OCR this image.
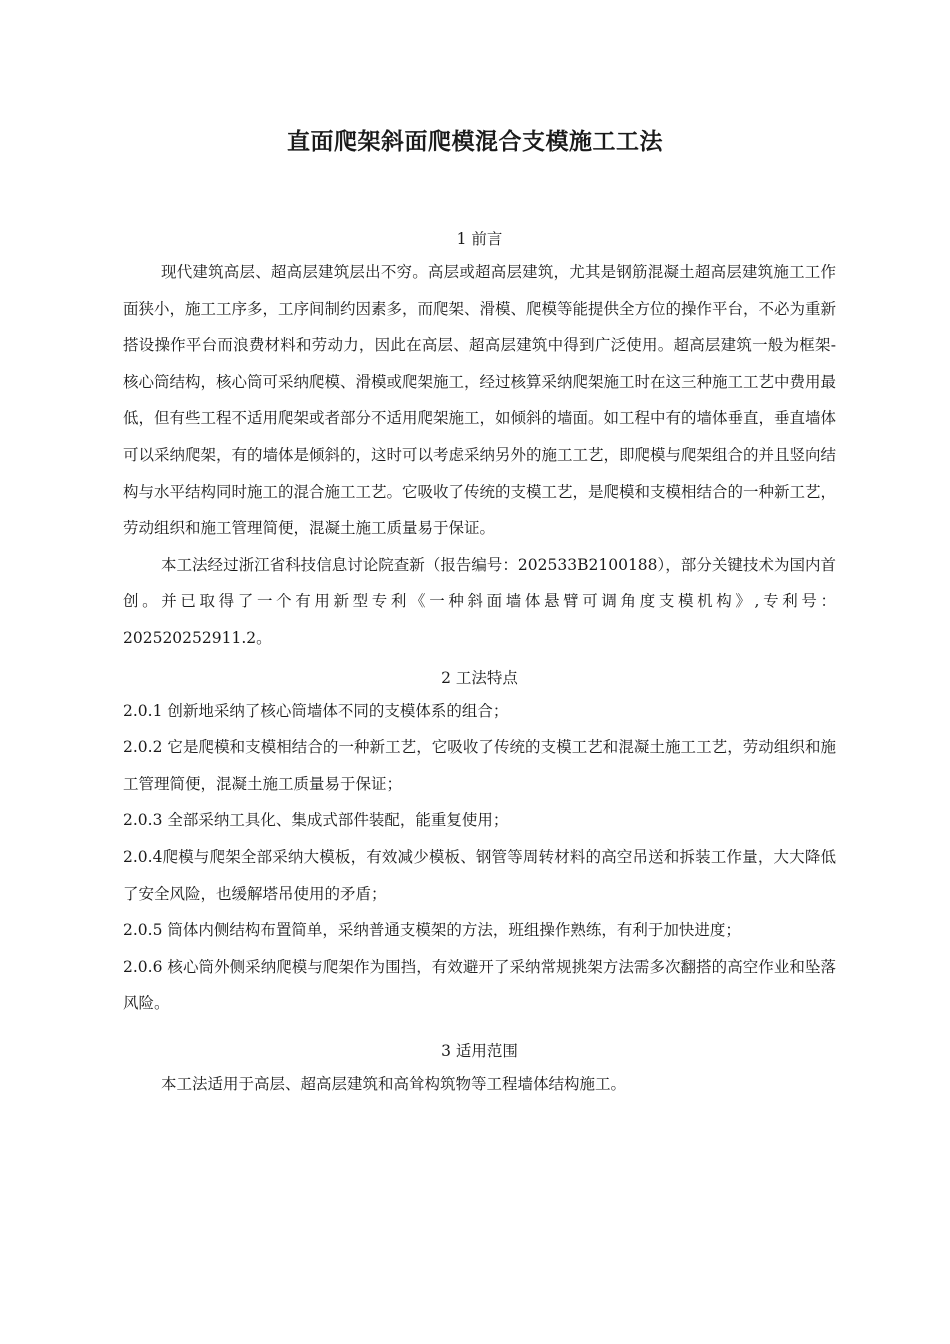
直面爬架斜面爬模混合支模施工工法
1 前言

现代建筑高层、超高层建筑层出不穷。高层或超高层建筑，尤其是钢筋混凝土超高层建筑施工工作面狭小，施工工序多，工序间制约因素多，而爬架、滑模、爬模等能提供全方位的操作平台，不必为重新搭设操作平台而浪费材料和劳动力，因此在高层、超高层建筑中得到广泛使用。超高层建筑一般为框架-核心筒结构，核心筒可采纳爬模、滑模或爬架施工，经过核算采纳爬架施工时在这三种施工工艺中费用最低，但有些工程不适用爬架或者部分不适用爬架施工，如倾斜的墙面。如工程中有的墙体垂直，垂直墙体可以采纳爬架，有的墙体是倾斜的，这时可以考虑采纳另外的施工工艺，即爬模与爬架组合的并且竖向结构与水平结构同时施工的混合施工工艺。它吸收了传统的支模工艺，是爬模和支模相结合的一种新工艺，劳动组织和施工管理简便，混凝土施工质量易于保证。

本工法经过浙江省科技信息讨论院查新（报告编号：202533B2100188），部分关键技术为国内首创。并已取得了一个有用新型专利《一种斜面墙体悬臂可调角度支模机构》,专利号：202520252911.2。

2 工法特点

2.0.1 创新地采纳了核心筒墙体不同的支模体系的组合；

2.0.2 它是爬模和支模相结合的一种新工艺，它吸收了传统的支模工艺和混凝土施工工艺，劳动组织和施工管理简便，混凝土施工质量易于保证；

2.0.3 全部采纳工具化、集成式部件装配，能重复使用；

2.0.4爬模与爬架全部采纳大模板，有效减少模板、钢管等周转材料的高空吊送和拆装工作量，大大降低了安全风险，也缓解塔吊使用的矛盾；

2.0.5 筒体内侧结构布置简单，采纳普通支模架的方法，班组操作熟练，有利于加快进度；

2.0.6 核心筒外侧采纳爬模与爬架作为围挡，有效避开了采纳常规挑架方法需多次翻搭的高空作业和坠落风险。

3 适用范围

本工法适用于高层、超高层建筑和高耸构筑物等工程墙体结构施工。
